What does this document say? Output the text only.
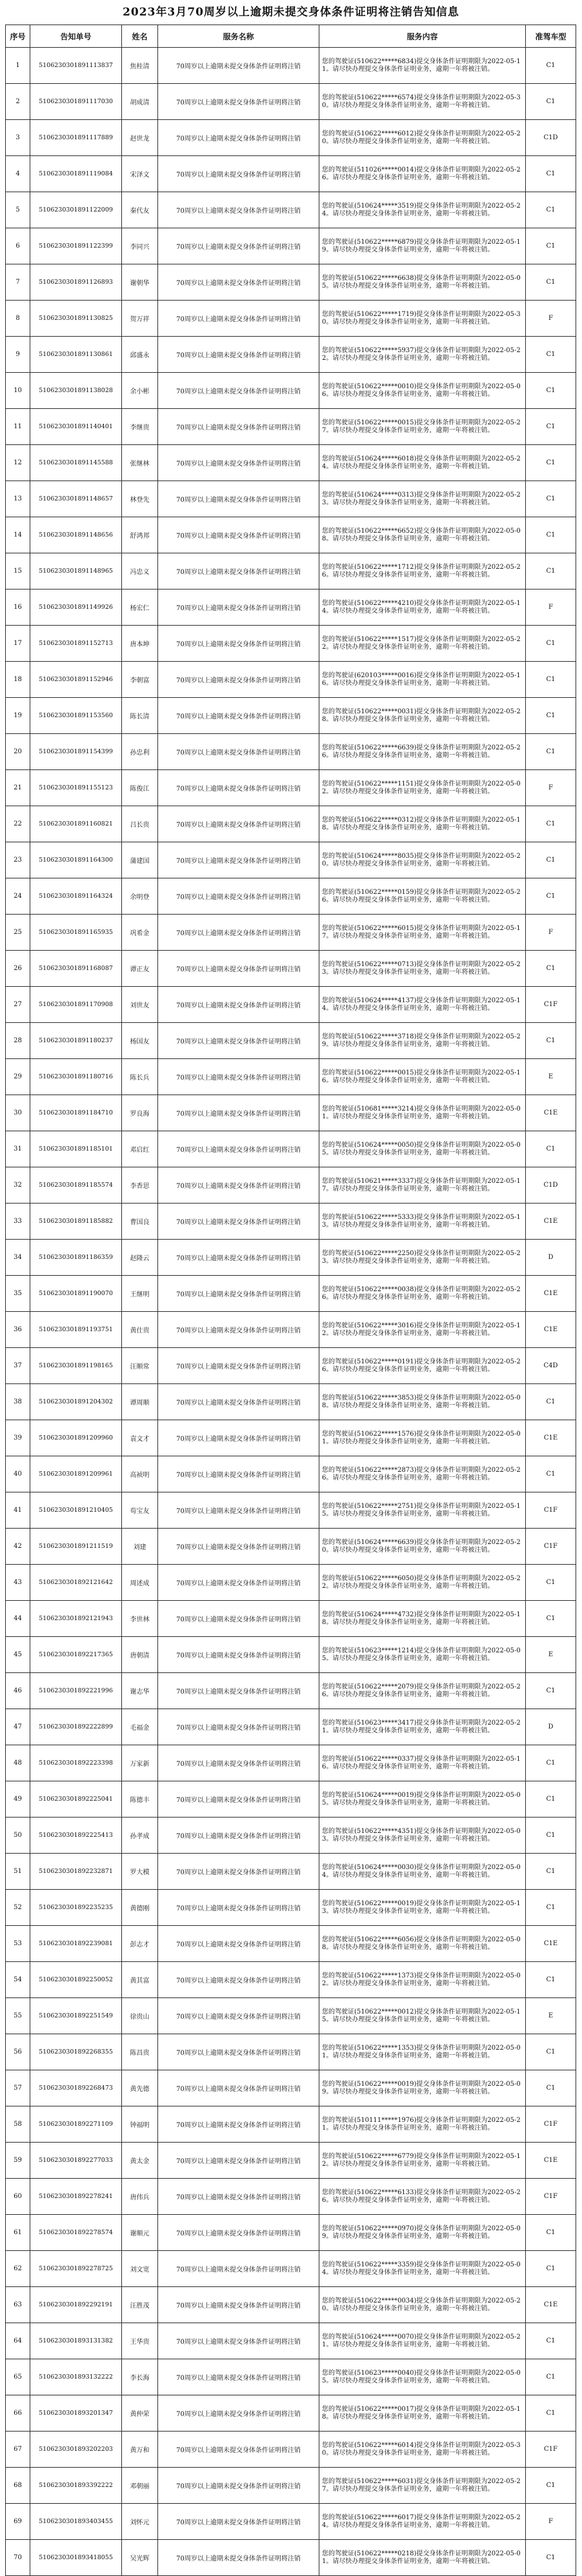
2023年3月70周岁以上逾期未提交身体条件证明将注销告知信息
序号	告知单号	姓名	服务名称	服务内容	准驾车型
1	5106230301891113837	焦桂清	70周岁以上逾期未提交身体条件证明将注销	您的驾驶证(510622*****6834)提交身体条件证明期限为2022-05-11。请尽快办理提交身体条件证明业务，逾期一年将被注销。	C1
2	5106230301891117030	胡成清	70周岁以上逾期未提交身体条件证明将注销	您的驾驶证(510622*****6574)提交身体条件证明期限为2022-05-30。请尽快办理提交身体条件证明业务，逾期一年将被注销。	C1
3	5106230301891117889	赵世龙	70周岁以上逾期未提交身体条件证明将注销	您的驾驶证(510622*****6012)提交身体条件证明期限为2022-05-20。请尽快办理提交身体条件证明业务，逾期一年将被注销。	C1D
4	5106230301891119084	宋泽文	70周岁以上逾期未提交身体条件证明将注销	您的驾驶证(511026*****0014)提交身体条件证明期限为2022-05-26。请尽快办理提交身体条件证明业务，逾期一年将被注销。	C1
5	5106230301891122009	秦代友	70周岁以上逾期未提交身体条件证明将注销	您的驾驶证(510624*****3519)提交身体条件证明期限为2022-05-24。请尽快办理提交身体条件证明业务，逾期一年将被注销。	C1
6	5106230301891122399	李同兴	70周岁以上逾期未提交身体条件证明将注销	您的驾驶证(510622*****6879)提交身体条件证明期限为2022-05-19。请尽快办理提交身体条件证明业务，逾期一年将被注销。	C1
7	5106230301891126893	谢朝华	70周岁以上逾期未提交身体条件证明将注销	您的驾驶证(510622*****6638)提交身体条件证明期限为2022-05-05。请尽快办理提交身体条件证明业务，逾期一年将被注销。	C1
8	5106230301891130825	贺万祥	70周岁以上逾期未提交身体条件证明将注销	您的驾驶证(510622*****1719)提交身体条件证明期限为2022-05-30。请尽快办理提交身体条件证明业务，逾期一年将被注销。	F
9	5106230301891130861	邱盛永	70周岁以上逾期未提交身体条件证明将注销	您的驾驶证(510622*****5937)提交身体条件证明期限为2022-05-22。请尽快办理提交身体条件证明业务，逾期一年将被注销。	C1
10	5106230301891138028	余小彬	70周岁以上逾期未提交身体条件证明将注销	您的驾驶证(510622*****0010)提交身体条件证明期限为2022-05-06。请尽快办理提交身体条件证明业务，逾期一年将被注销。	C1
11	5106230301891140401	李继贵	70周岁以上逾期未提交身体条件证明将注销	您的驾驶证(510622*****0015)提交身体条件证明期限为2022-05-27。请尽快办理提交身体条件证明业务，逾期一年将被注销。	C1
12	5106230301891145588	张继林	70周岁以上逾期未提交身体条件证明将注销	您的驾驶证(510624*****6018)提交身体条件证明期限为2022-05-24。请尽快办理提交身体条件证明业务，逾期一年将被注销。	C1
13	5106230301891148657	林登先	70周岁以上逾期未提交身体条件证明将注销	您的驾驶证(510624*****0313)提交身体条件证明期限为2022-05-23。请尽快办理提交身体条件证明业务，逾期一年将被注销。	C1
14	5106230301891148656	舒鸿邦	70周岁以上逾期未提交身体条件证明将注销	您的驾驶证(510622*****6652)提交身体条件证明期限为2022-05-08。请尽快办理提交身体条件证明业务，逾期一年将被注销。	C1
15	5106230301891148965	冯忠义	70周岁以上逾期未提交身体条件证明将注销	您的驾驶证(510622*****1712)提交身体条件证明期限为2022-05-26。请尽快办理提交身体条件证明业务，逾期一年将被注销。	C1
16	5106230301891149926	杨宏仁	70周岁以上逾期未提交身体条件证明将注销	您的驾驶证(510622*****4210)提交身体条件证明期限为2022-05-14。请尽快办理提交身体条件证明业务，逾期一年将被注销。	F
17	5106230301891152713	唐本坤	70周岁以上逾期未提交身体条件证明将注销	您的驾驶证(510622*****1517)提交身体条件证明期限为2022-05-22。请尽快办理提交身体条件证明业务，逾期一年将被注销。	C1
18	5106230301891152946	李朝富	70周岁以上逾期未提交身体条件证明将注销	您的驾驶证(620103*****0016)提交身体条件证明期限为2022-05-16。请尽快办理提交身体条件证明业务，逾期一年将被注销。	C1
19	5106230301891153560	陈长清	70周岁以上逾期未提交身体条件证明将注销	您的驾驶证(510622*****0031)提交身体条件证明期限为2022-05-28。请尽快办理提交身体条件证明业务，逾期一年将被注销。	C1
20	5106230301891154399	孙忠利	70周岁以上逾期未提交身体条件证明将注销	您的驾驶证(510622*****6639)提交身体条件证明期限为2022-05-26。请尽快办理提交身体条件证明业务，逾期一年将被注销。	C1
21	5106230301891155123	陈俊江	70周岁以上逾期未提交身体条件证明将注销	您的驾驶证(510622*****1151)提交身体条件证明期限为2022-05-02。请尽快办理提交身体条件证明业务，逾期一年将被注销。	F
22	5106230301891160821	吕长贵	70周岁以上逾期未提交身体条件证明将注销	您的驾驶证(510622*****0312)提交身体条件证明期限为2022-05-18。请尽快办理提交身体条件证明业务，逾期一年将被注销。	C1
23	5106230301891164300	蒲建国	70周岁以上逾期未提交身体条件证明将注销	您的驾驶证(510624*****8035)提交身体条件证明期限为2022-05-20。请尽快办理提交身体条件证明业务，逾期一年将被注销。	C1
24	5106230301891164324	余明登	70周岁以上逾期未提交身体条件证明将注销	您的驾驶证(510622*****0159)提交身体条件证明期限为2022-05-26。请尽快办理提交身体条件证明业务，逾期一年将被注销。	C1
25	5106230301891165935	巩希金	70周岁以上逾期未提交身体条件证明将注销	您的驾驶证(510622*****6015)提交身体条件证明期限为2022-05-17。请尽快办理提交身体条件证明业务，逾期一年将被注销。	F
26	5106230301891168087	谭正友	70周岁以上逾期未提交身体条件证明将注销	您的驾驶证(510622*****0713)提交身体条件证明期限为2022-05-23。请尽快办理提交身体条件证明业务，逾期一年将被注销。	C1
27	5106230301891170908	刘世友	70周岁以上逾期未提交身体条件证明将注销	您的驾驶证(510624*****4137)提交身体条件证明期限为2022-05-14。请尽快办理提交身体条件证明业务，逾期一年将被注销。	C1F
28	5106230301891180237	杨国友	70周岁以上逾期未提交身体条件证明将注销	您的驾驶证(510622*****3718)提交身体条件证明期限为2022-05-29。请尽快办理提交身体条件证明业务，逾期一年将被注销。	C1
29	5106230301891180716	陈长兵	70周岁以上逾期未提交身体条件证明将注销	您的驾驶证(510622*****0015)提交身体条件证明期限为2022-05-16。请尽快办理提交身体条件证明业务，逾期一年将被注销。	E
30	5106230301891184710	罗良海	70周岁以上逾期未提交身体条件证明将注销	您的驾驶证(510681*****3214)提交身体条件证明期限为2022-05-01。请尽快办理提交身体条件证明业务，逾期一年将被注销。	C1E
31	5106230301891185101	邓启红	70周岁以上逾期未提交身体条件证明将注销	您的驾驶证(510624*****0050)提交身体条件证明期限为2022-05-05。请尽快办理提交身体条件证明业务，逾期一年将被注销。	C1
32	5106230301891185574	李香思	70周岁以上逾期未提交身体条件证明将注销	您的驾驶证(510621*****3337)提交身体条件证明期限为2022-05-17。请尽快办理提交身体条件证明业务，逾期一年将被注销。	C1D
33	5106230301891185882	曹国良	70周岁以上逾期未提交身体条件证明将注销	您的驾驶证(510622*****5333)提交身体条件证明期限为2022-05-13。请尽快办理提交身体条件证明业务，逾期一年将被注销。	C1E
34	5106230301891186359	赵隆云	70周岁以上逾期未提交身体条件证明将注销	您的驾驶证(510622*****2250)提交身体条件证明期限为2022-05-23。请尽快办理提交身体条件证明业务，逾期一年将被注销。	D
35	5106230301891190070	王继明	70周岁以上逾期未提交身体条件证明将注销	您的驾驶证(510622*****0038)提交身体条件证明期限为2022-05-26。请尽快办理提交身体条件证明业务，逾期一年将被注销。	C1E
36	5106230301891193751	黄仕贵	70周岁以上逾期未提交身体条件证明将注销	您的驾驶证(510622*****3016)提交身体条件证明期限为2022-05-12。请尽快办理提交身体条件证明业务，逾期一年将被注销。	C1E
37	5106230301891198165	汪顺常	70周岁以上逾期未提交身体条件证明将注销	您的驾驶证(510622*****0191)提交身体条件证明期限为2022-05-26。请尽快办理提交身体条件证明业务，逾期一年将被注销。	C4D
38	5106230301891204302	谭周顺	70周岁以上逾期未提交身体条件证明将注销	您的驾驶证(510622*****3853)提交身体条件证明期限为2022-05-08。请尽快办理提交身体条件证明业务，逾期一年将被注销。	C1
39	5106230301891209960	袁文才	70周岁以上逾期未提交身体条件证明将注销	您的驾驶证(510622*****1576)提交身体条件证明期限为2022-05-01。请尽快办理提交身体条件证明业务，逾期一年将被注销。	C1E
40	5106230301891209961	高祯明	70周岁以上逾期未提交身体条件证明将注销	您的驾驶证(510622*****2873)提交身体条件证明期限为2022-05-26。请尽快办理提交身体条件证明业务，逾期一年将被注销。	C1
41	5106230301891210405	苟宝友	70周岁以上逾期未提交身体条件证明将注销	您的驾驶证(510622*****2751)提交身体条件证明期限为2022-05-15。请尽快办理提交身体条件证明业务，逾期一年将被注销。	C1F
42	5106230301891211519	刘建	70周岁以上逾期未提交身体条件证明将注销	您的驾驶证(510624*****6639)提交身体条件证明期限为2022-05-20。请尽快办理提交身体条件证明业务，逾期一年将被注销。	C1F
43	5106230301892121642	周述成	70周岁以上逾期未提交身体条件证明将注销	您的驾驶证(510622*****6050)提交身体条件证明期限为2022-05-22。请尽快办理提交身体条件证明业务，逾期一年将被注销。	C1
44	5106230301892121943	李世林	70周岁以上逾期未提交身体条件证明将注销	您的驾驶证(510624*****4732)提交身体条件证明期限为2022-05-18。请尽快办理提交身体条件证明业务，逾期一年将被注销。	C1
45	5106230301892217365	唐朝清	70周岁以上逾期未提交身体条件证明将注销	您的驾驶证(510623*****1214)提交身体条件证明期限为2022-05-05。请尽快办理提交身体条件证明业务，逾期一年将被注销。	E
46	5106230301892221996	谢志华	70周岁以上逾期未提交身体条件证明将注销	您的驾驶证(510622*****2079)提交身体条件证明期限为2022-05-26。请尽快办理提交身体条件证明业务，逾期一年将被注销。	C1
47	5106230301892222899	毛福金	70周岁以上逾期未提交身体条件证明将注销	您的驾驶证(510623*****3417)提交身体条件证明期限为2022-05-21。请尽快办理提交身体条件证明业务，逾期一年将被注销。	D
48	5106230301892223398	万家新	70周岁以上逾期未提交身体条件证明将注销	您的驾驶证(510622*****0337)提交身体条件证明期限为2022-05-16。请尽快办理提交身体条件证明业务，逾期一年将被注销。	C1
49	5106230301892225041	陈德丰	70周岁以上逾期未提交身体条件证明将注销	您的驾驶证(510624*****0019)提交身体条件证明期限为2022-05-05。请尽快办理提交身体条件证明业务，逾期一年将被注销。	C1
50	5106230301892225413	孙孝成	70周岁以上逾期未提交身体条件证明将注销	您的驾驶证(510622*****4351)提交身体条件证明期限为2022-05-03。请尽快办理提交身体条件证明业务，逾期一年将被注销。	C1
51	5106230301892232871	罗大模	70周岁以上逾期未提交身体条件证明将注销	您的驾驶证(510624*****0030)提交身体条件证明期限为2022-05-04。请尽快办理提交身体条件证明业务，逾期一年将被注销。	C1
52	5106230301892235235	黄德刚	70周岁以上逾期未提交身体条件证明将注销	您的驾驶证(510622*****0019)提交身体条件证明期限为2022-05-13。请尽快办理提交身体条件证明业务，逾期一年将被注销。	C1
53	5106230301892239081	彭志才	70周岁以上逾期未提交身体条件证明将注销	您的驾驶证(510622*****6056)提交身体条件证明期限为2022-05-08。请尽快办理提交身体条件证明业务，逾期一年将被注销。	C1E
54	5106230301892250052	黄其富	70周岁以上逾期未提交身体条件证明将注销	您的驾驶证(510622*****1373)提交身体条件证明期限为2022-05-02。请尽快办理提交身体条件证明业务，逾期一年将被注销。	C1
55	5106230301892251549	徐贵山	70周岁以上逾期未提交身体条件证明将注销	您的驾驶证(510622*****0012)提交身体条件证明期限为2022-05-15。请尽快办理提交身体条件证明业务，逾期一年将被注销。	E
56	5106230301892268355	陈昌贵	70周岁以上逾期未提交身体条件证明将注销	您的驾驶证(510622*****1353)提交身体条件证明期限为2022-05-01。请尽快办理提交身体条件证明业务，逾期一年将被注销。	C1
57	5106230301892268473	黄先德	70周岁以上逾期未提交身体条件证明将注销	您的驾驶证(510622*****0019)提交身体条件证明期限为2022-05-09。请尽快办理提交身体条件证明业务，逾期一年将被注销。	C1
58	5106230301892271109	钟福明	70周岁以上逾期未提交身体条件证明将注销	您的驾驶证(510111*****1976)提交身体条件证明期限为2022-05-21。请尽快办理提交身体条件证明业务，逾期一年将被注销。	C1F
59	5106230301892277033	黄太金	70周岁以上逾期未提交身体条件证明将注销	您的驾驶证(510622*****6779)提交身体条件证明期限为2022-05-12。请尽快办理提交身体条件证明业务，逾期一年将被注销。	C1E
60	5106230301892278241	唐伟兵	70周岁以上逾期未提交身体条件证明将注销	您的驾驶证(510622*****6133)提交身体条件证明期限为2022-05-26。请尽快办理提交身体条件证明业务，逾期一年将被注销。	C1F
61	5106230301892278574	谢顺元	70周岁以上逾期未提交身体条件证明将注销	您的驾驶证(510622*****0970)提交身体条件证明期限为2022-05-09。请尽快办理提交身体条件证明业务，逾期一年将被注销。	C1
62	5106230301892278725	刘文宽	70周岁以上逾期未提交身体条件证明将注销	您的驾驶证(510622*****3359)提交身体条件证明期限为2022-05-04。请尽快办理提交身体条件证明业务，逾期一年将被注销。	C1
63	5106230301892292191	汪胜茂	70周岁以上逾期未提交身体条件证明将注销	您的驾驶证(510622*****0034)提交身体条件证明期限为2022-05-20。请尽快办理提交身体条件证明业务，逾期一年将被注销。	C1E
64	5106230301893131382	王华贵	70周岁以上逾期未提交身体条件证明将注销	您的驾驶证(510624*****0070)提交身体条件证明期限为2022-05-21。请尽快办理提交身体条件证明业务，逾期一年将被注销。	C1
65	5106230301893132222	李长海	70周岁以上逾期未提交身体条件证明将注销	您的驾驶证(510623*****0040)提交身体条件证明期限为2022-05-05。请尽快办理提交身体条件证明业务，逾期一年将被注销。	C1
66	5106230301893201347	黄仲荣	70周岁以上逾期未提交身体条件证明将注销	您的驾驶证(510622*****0017)提交身体条件证明期限为2022-05-18。请尽快办理提交身体条件证明业务，逾期一年将被注销。	C1
67	5106230301893202203	黄万和	70周岁以上逾期未提交身体条件证明将注销	您的驾驶证(510622*****6014)提交身体条件证明期限为2022-05-30。请尽快办理提交身体条件证明业务，逾期一年将被注销。	C1F
68	5106230301893392222	邓朝丽	70周岁以上逾期未提交身体条件证明将注销	您的驾驶证(510622*****6031)提交身体条件证明期限为2022-05-27。请尽快办理提交身体条件证明业务，逾期一年将被注销。	C1
69	5106230301893403455	刘怀元	70周岁以上逾期未提交身体条件证明将注销	您的驾驶证(510622*****6017)提交身体条件证明期限为2022-05-24。请尽快办理提交身体条件证明业务，逾期一年将被注销。	F
70	5106230301893418055	吴光辉	70周岁以上逾期未提交身体条件证明将注销	您的驾驶证(510622*****0218)提交身体条件证明期限为2022-05-01。请尽快办理提交身体条件证明业务，逾期一年将被注销。	C1
